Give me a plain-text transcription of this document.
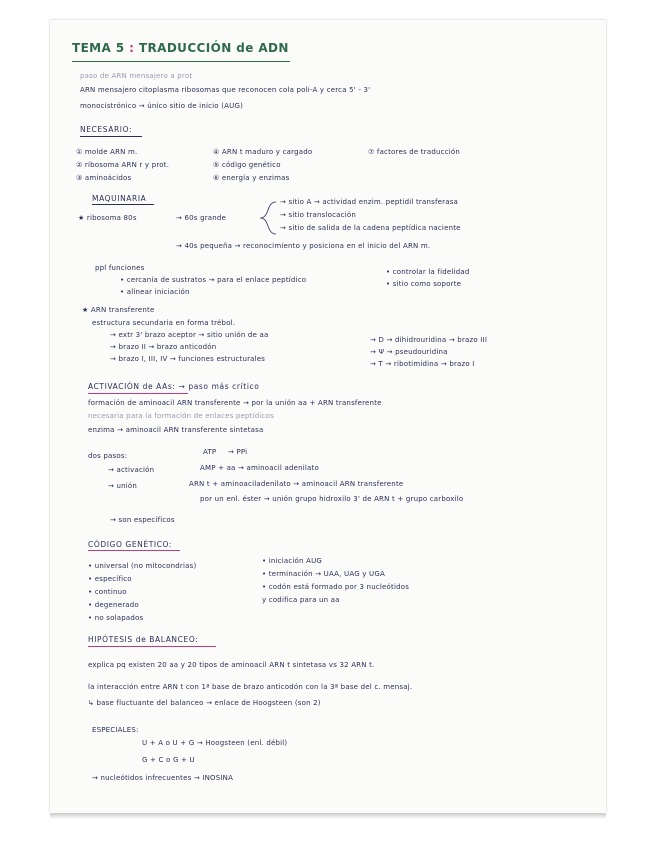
TEMA 5 : TRADUCCIÓN de ADN
paso de ARN mensajero a prot
ARN mensajero citoplasma ribosomas que reconocen cola poli-A y cerca 5' - 3'
monocistrónico → único sitio de inicio (AUG)
NECESARIO:
① molde ARN m.
② ribosoma ARN r y prot.
③ aminoácidos
④ ARN t maduro y cargado
⑤ código genético
⑥ energía y enzimas
⑦ factores de traducción
MAQUINARIA
★ ribosoma 80s	→ 60s grande
→ sitio A → actividad enzim. peptidil transferasa
→ sitio translocación
→ sitio de salida de la cadena peptídica naciente
→ 40s pequeña → reconocimiento y posiciona en el inicio del ARN m.
ppl funciones
• cercanía de sustratos → para el enlace peptídico
• alinear iniciación
• controlar la fidelidad
• sitio como soporte
★ ARN transferente
estructura secundaria en forma trébol.
→ extr 3' brazo aceptor → sitio unión de aa
→ brazo II → brazo anticodón
→ brazo I, III, IV → funciones estructurales
→ D → dihidrouridina → brazo III
→ Ψ → pseudouridina
→ T → ribotimidina → brazo I
ACTIVACIÓN de AAs: → paso más crítico
formación de aminoacil ARN transferente → por la unión aa + ARN transferente
necesaria para la formación de enlaces peptídicos
enzima → aminoacil ARN transferente sintetasa
dos pasos:	ATP → PPi
→ activación	AMP + aa → aminoacil adenilato
→ unión	ARN t + aminoaciladenilato → aminoacil ARN transferente
por un enl. éster → unión grupo hidroxilo 3' de ARN t + grupo carboxilo
→ son específicos
CÓDIGO GENÉTICO:
• universal (no mitocondrias)
• específico
• continuo
• degenerado
• no solapados
• iniciación AUG
• terminación → UAA, UAG y UGA
• codón está formado por 3 nucleótidos
y codifica para un aa
HIPÓTESIS de BALANCEO:
explica pq existen 20 aa y 20 tipos de aminoacil ARN t sintetasa vs 32 ARN t.
la interacción entre ARN t con 1ª base de brazo anticodón con la 3ª base del c. mensaj.
↳ base fluctuante del balanceo → enlace de Hoogsteen (son 2)
ESPECIALES:
U + A o U + G → Hoogsteen (enl. débil)
G + C o G + U
→ nucleótidos infrecuentes → INOSINA
